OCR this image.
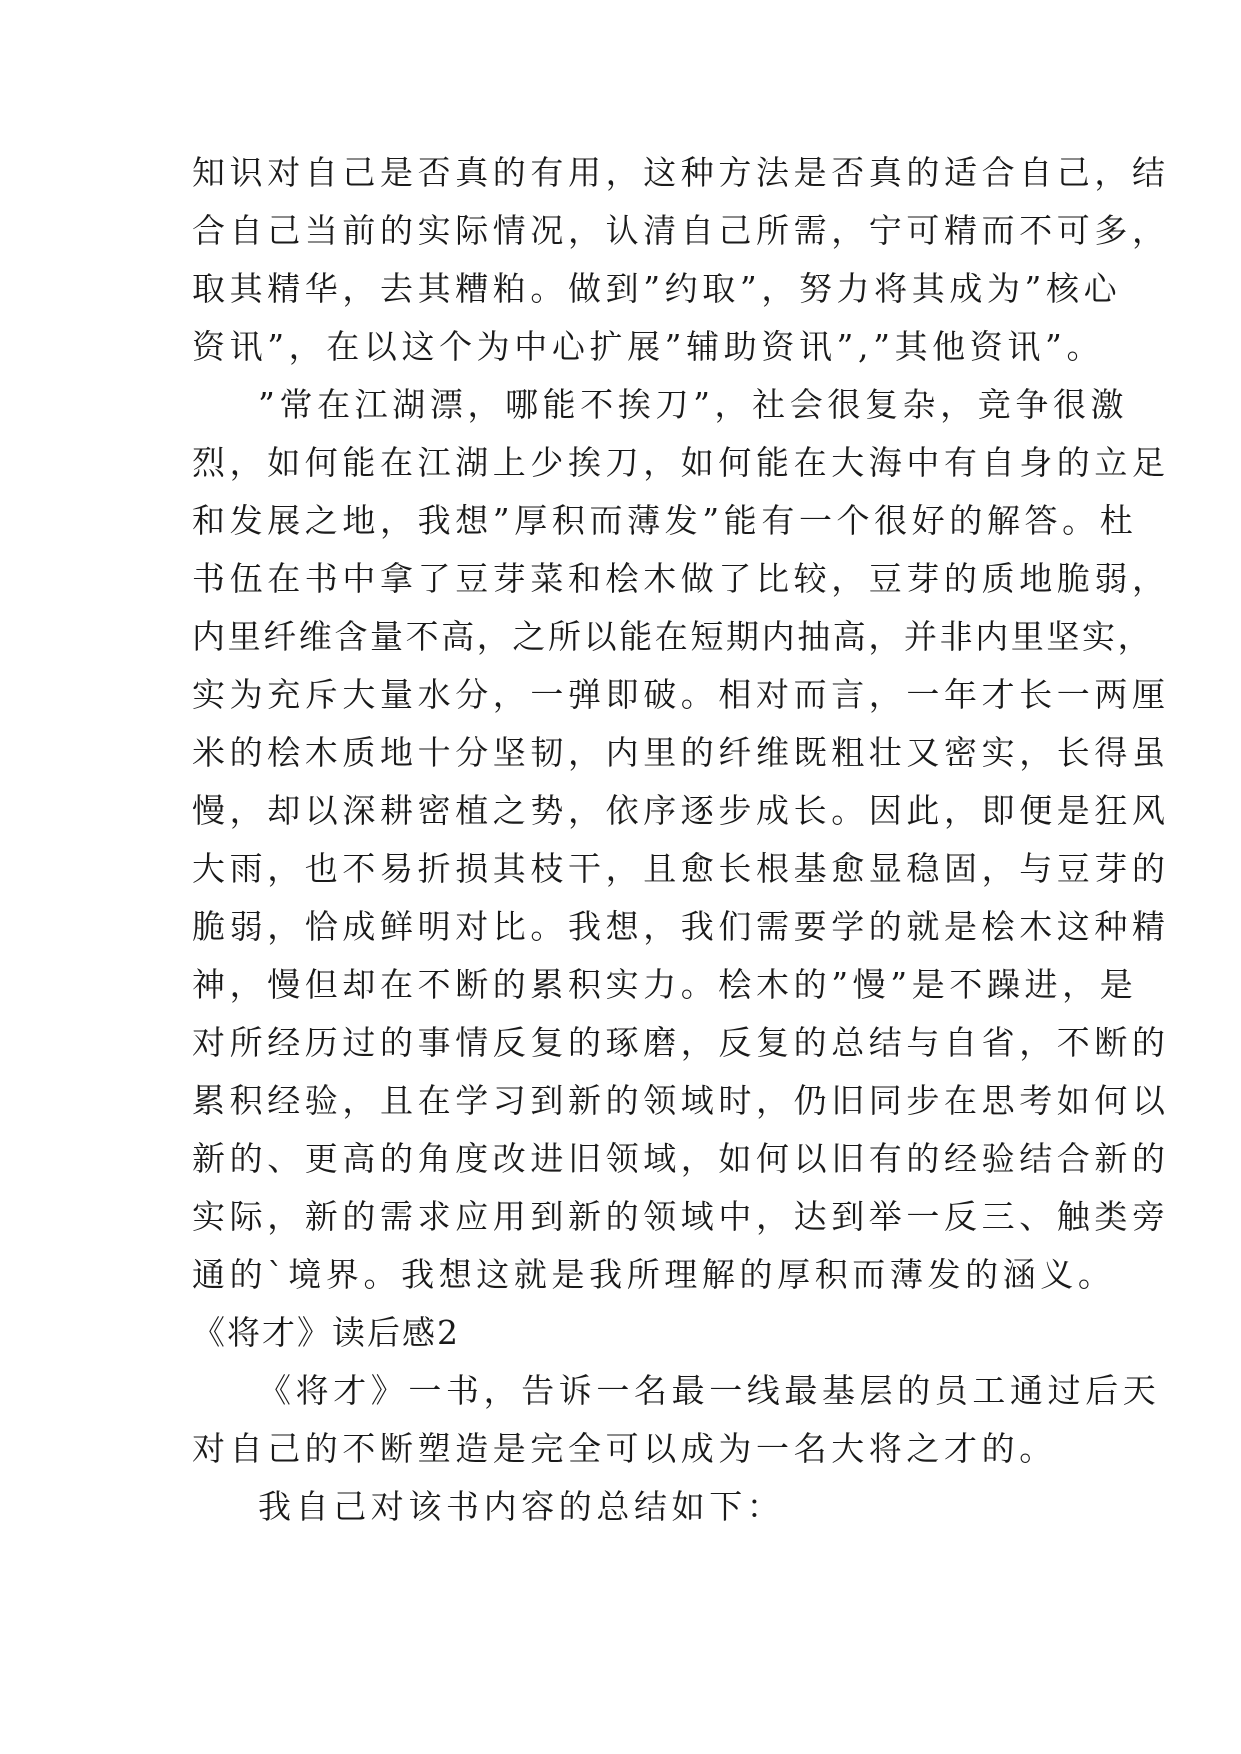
知识对自己是否真的有用，这种方法是否真的适合自己，结
合自己当前的实际情况，认清自己所需，宁可精而不可多，
取其精华，去其糟粕。做到”约取”，努力将其成为”核心
资讯”，在以这个为中心扩展”辅助资讯”,”其他资讯”。
”常在江湖漂，哪能不挨刀”，社会很复杂，竞争很激
烈，如何能在江湖上少挨刀，如何能在大海中有自身的立足
和发展之地，我想”厚积而薄发”能有一个很好的解答。杜
书伍在书中拿了豆芽菜和桧木做了比较，豆芽的质地脆弱，
内里纤维含量不高，之所以能在短期内抽高，并非内里坚实，
实为充斥大量水分，一弹即破。相对而言，一年才长一两厘
米的桧木质地十分坚韧，内里的纤维既粗壮又密实，长得虽
慢，却以深耕密植之势，依序逐步成长。因此，即便是狂风
大雨，也不易折损其枝干，且愈长根基愈显稳固，与豆芽的
脆弱，恰成鲜明对比。我想，我们需要学的就是桧木这种精
神，慢但却在不断的累积实力。桧木的”慢”是不躁进，是
对所经历过的事情反复的琢磨，反复的总结与自省，不断的
累积经验，且在学习到新的领域时，仍旧同步在思考如何以
新的、更高的角度改进旧领域，如何以旧有的经验结合新的
实际，新的需求应用到新的领域中，达到举一反三、触类旁
通的`境界。我想这就是我所理解的厚积而薄发的涵义。
《将才》读后感2
《将才》一书，告诉一名最一线最基层的员工通过后天
对自己的不断塑造是完全可以成为一名大将之才的。
我自己对该书内容的总结如下：
